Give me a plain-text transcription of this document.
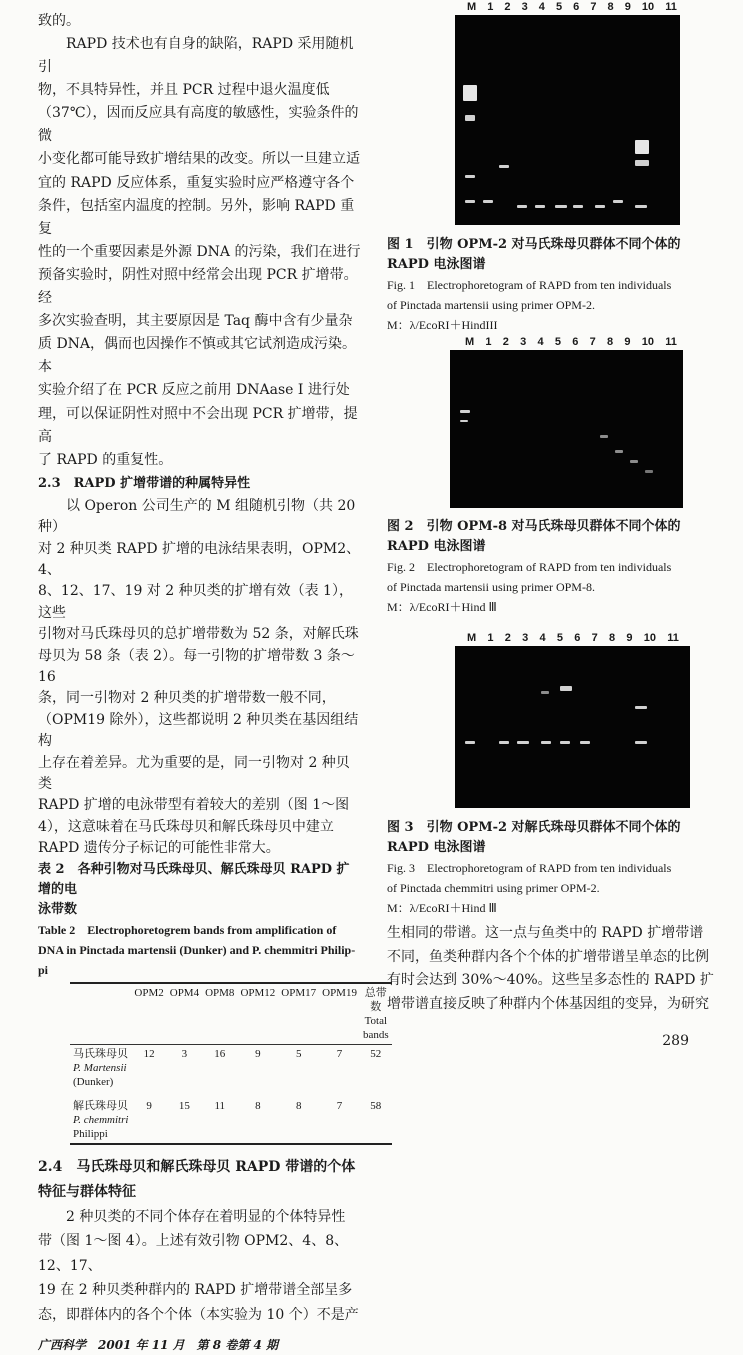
致的。
　　RAPD 技术也有自身的缺陷，RAPD 采用随机引
物，不具特异性，并且 PCR 过程中退火温度低
（37℃），因而反应具有高度的敏感性，实验条件的微
小变化都可能导致扩增结果的改变。所以一旦建立适
宜的 RAPD 反应体系，重复实验时应严格遵守各个
条件，包括室内温度的控制。另外，影响 RAPD 重复
性的一个重要因素是外源 DNA 的污染，我们在进行
预备实验时，阴性对照中经常会出现 PCR 扩增带。经
多次实验查明，其主要原因是 Taq 酶中含有少量杂
质 DNA，偶而也因操作不慎或其它试剂造成污染。本
实验介绍了在 PCR 反应之前用 DNAase I 进行处
理，可以保证阴性对照中不会出现 PCR 扩增带，提高
了 RAPD 的重复性。
2.3　RAPD 扩增带谱的种属特异性
　　以 Operon 公司生产的 M 组随机引物（共 20 种）
对 2 种贝类 RAPD 扩增的电泳结果表明，OPM2、4、
8、12、17、19 对 2 种贝类的扩增有效（表 1），这些
引物对马氏珠母贝的总扩增带数为 52 条，对解氏珠
母贝为 58 条（表 2）。每一引物的扩增带数 3 条～16
条，同一引物对 2 种贝类的扩增带数一般不同，
（OPM19 除外），这些都说明 2 种贝类在基因组结构
上存在着差异。尤为重要的是，同一引物对 2 种贝类
RAPD 扩增的电泳带型有着较大的差别（图 1～图
4），这意味着在马氏珠母贝和解氏珠母贝中建立
RAPD 遗传分子标记的可能性非常大。
表 2　各种引物对马氏珠母贝、解氏珠母贝 RAPD 扩增的电
泳带数
Table 2　Electrophoretogrem bands from amplification of
DNA in Pinctada martensii (Dunker) and P. chemmitri Philip-
pi
	OPM2	OPM4	OPM8	OPM12	OPM17	OPM19	总带数
Total bands

马氏珠母贝
P. Martensii
(Dunker)	12	3	16	9	5	7	52

解氏珠母贝
P. chemmitri
Philippi	9	15	11	8	8	7	58
2.4　马氏珠母贝和解氏珠母贝 RAPD 带谱的个体
特征与群体特征
　　2 种贝类的不同个体存在着明显的个体特异性
带（图 1～图 4）。上述有效引物 OPM2、4、8、12、17、
19 在 2 种贝类种群内的 RAPD 扩增带谱全部呈多
态，即群体内的各个个体（本实验为 10 个）不是产
广西科学　2001 年 11 月　第 8 卷第 4 期
M 1 2 3 4 5 6 7 8 9 10 11
图 1　引物 OPM-2 对马氏珠母贝群体不同个体的
RAPD 电泳图谱
Fig. 1　Electrophoretogram of RAPD from ten individuals
of Pinctada martensii using primer OPM-2.
M：λ/EcoRI＋HindIII
M 1 2 3 4 5 6 7 8 9 10 11
图 2　引物 OPM-8 对马氏珠母贝群体不同个体的
RAPD 电泳图谱
Fig. 2　Electrophoretogram of RAPD from ten individuals
of Pinctada martensii using primer OPM-8.
M：λ/EcoRI＋Hind Ⅲ
M 1 2 3 4 5 6 7 8 9 10 11
图 3　引物 OPM-2 对解氏珠母贝群体不同个体的
RAPD 电泳图谱
Fig. 3　Electrophoretogram of RAPD from ten individuals
of Pinctada chemmitri using primer OPM-2.
M：λ/EcoRI＋Hind Ⅲ
生相同的带谱。这一点与鱼类中的 RAPD 扩增带谱
不同，鱼类种群内各个个体的扩增带谱呈单态的比例
有时会达到 30%～40%。这些呈多态性的 RAPD 扩
增带谱直接反映了种群内个体基因组的变异，为研究
289
